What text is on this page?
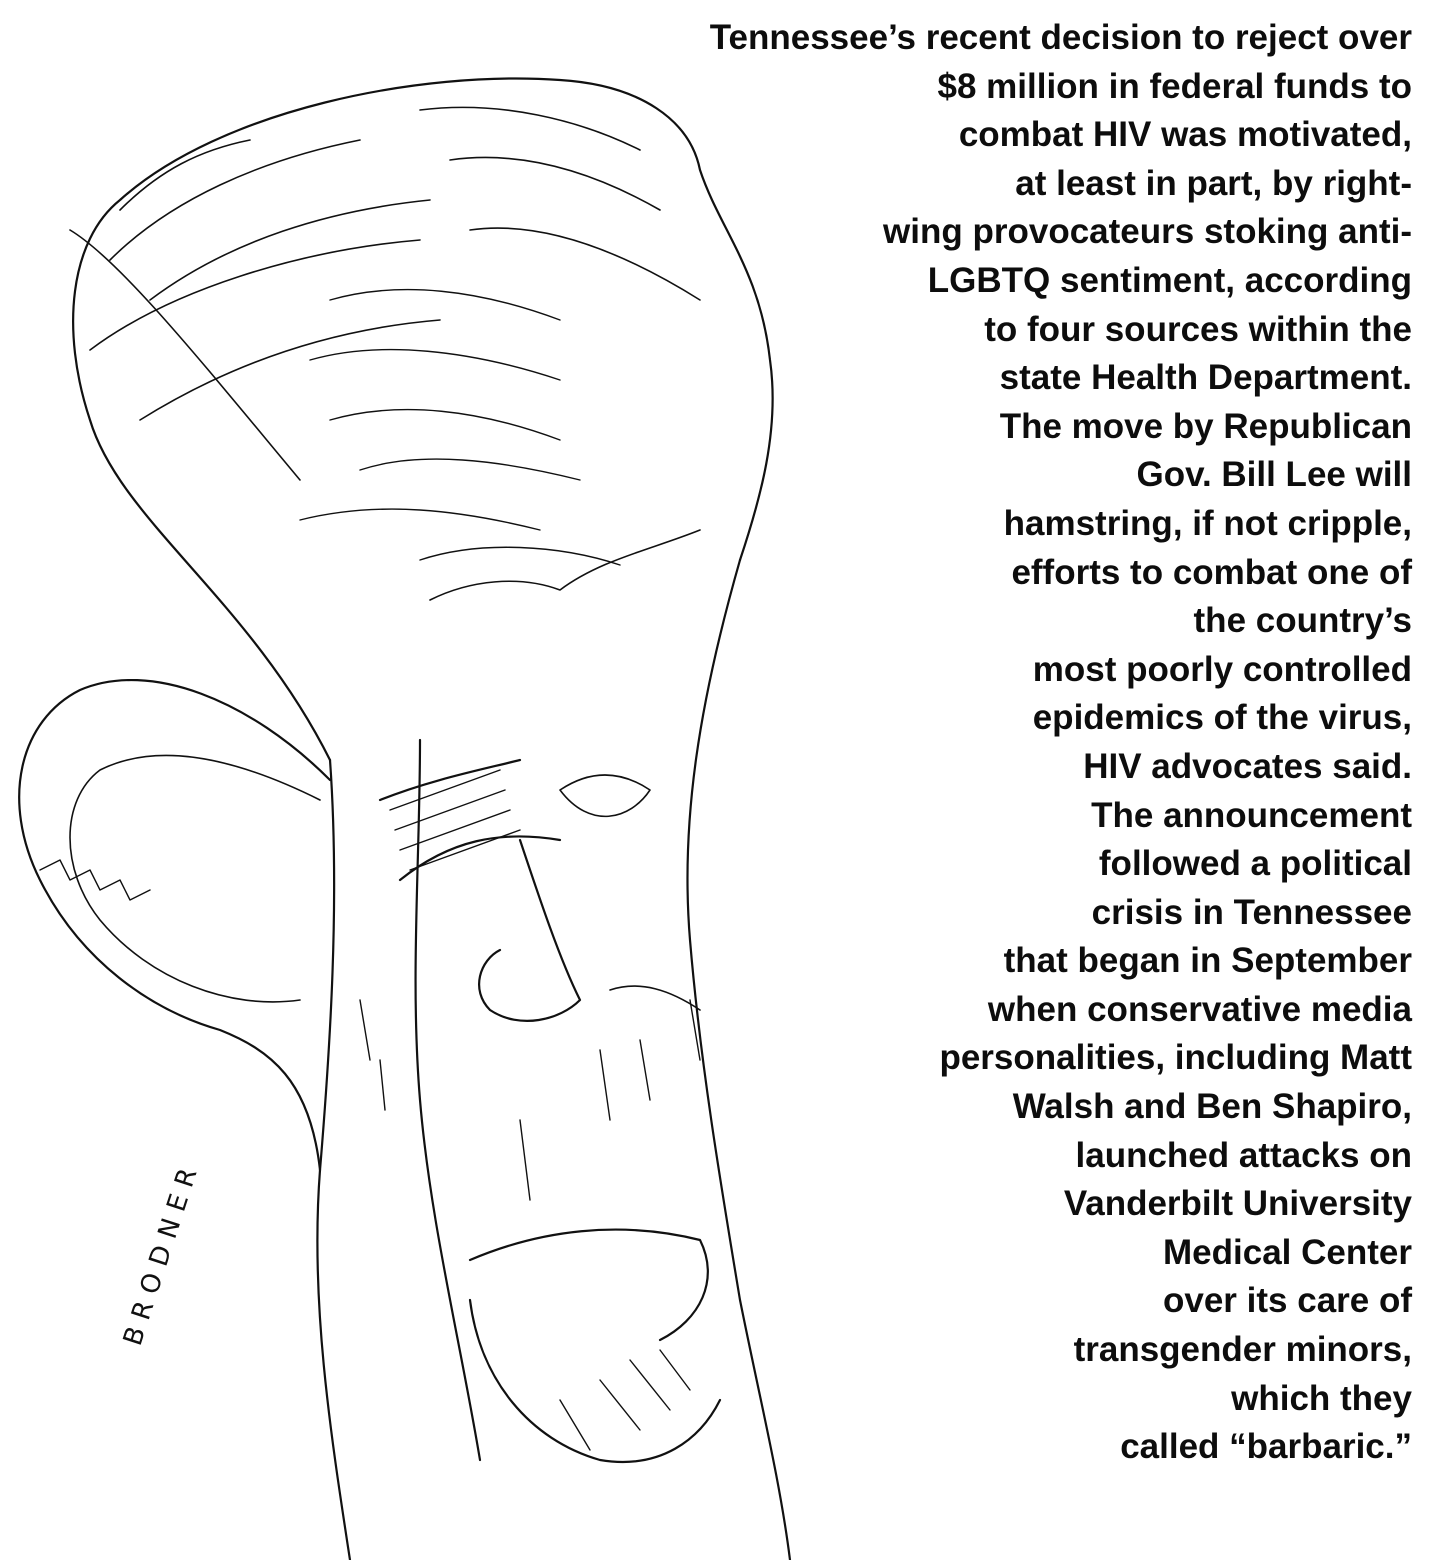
Tennessee’s recent decision to reject over
$8 million in federal funds to
combat HIV was motivated,
at least in part, by right-
wing provocateurs stoking anti-
LGBTQ sentiment, according
to four sources within the
state Health Department.
The move by Republican
Gov. Bill Lee will
hamstring, if not cripple,
efforts to combat one of
the country’s
most poorly controlled
epidemics of the virus,
HIV advocates said.
The announcement
followed a political
crisis in Tennessee
that began in September
when conservative media
personalities, including Matt
Walsh and Ben Shapiro,
launched attacks on
Vanderbilt University
Medical Center
over its care of
transgender minors,
which they
called “barbaric.”
BRODNER
